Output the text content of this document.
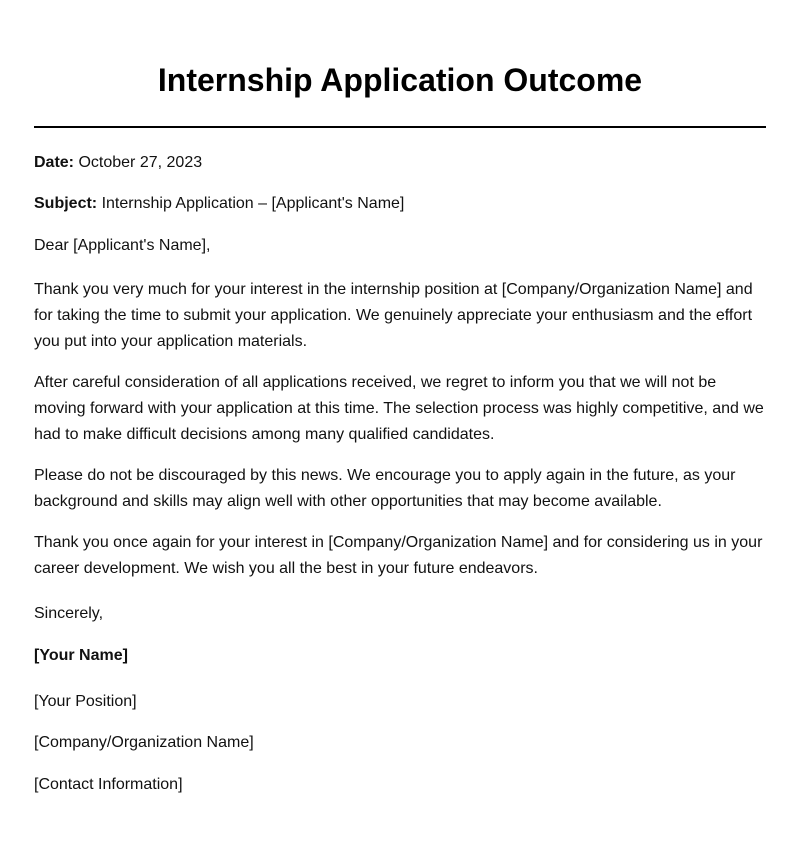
Internship Application Outcome

Date: October 27, 2023

Subject: Internship Application – [Applicant's Name]

Dear [Applicant's Name],

Thank you very much for your interest in the internship position at [Company/Organization Name] and for taking the time to submit your application. We genuinely appreciate your enthusiasm and the effort you put into your application materials.

After careful consideration of all applications received, we regret to inform you that we will not be moving forward with your application at this time. The selection process was highly competitive, and we had to make difficult decisions among many qualified candidates.

Please do not be discouraged by this news. We encourage you to apply again in the future, as your background and skills may align well with other opportunities that may become available.

Thank you once again for your interest in [Company/Organization Name] and for considering us in your career development. We wish you all the best in your future endeavors.

Sincerely,

[Your Name]

[Your Position]

[Company/Organization Name]

[Contact Information]
